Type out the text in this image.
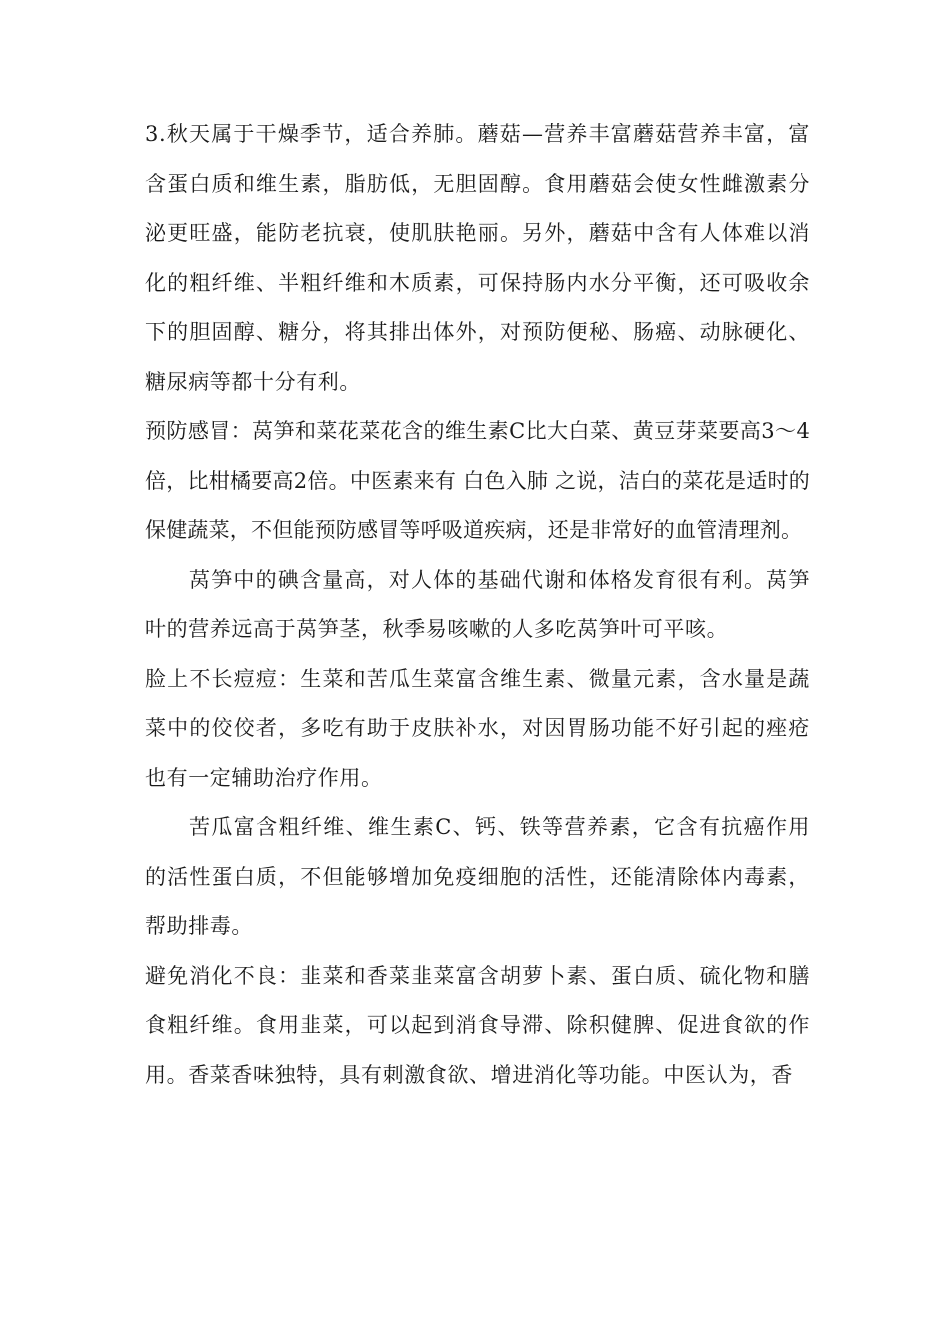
3.秋天属于干燥季节，适合养肺。蘑菇—营养丰富蘑菇营养丰富，富含蛋白质和维生素，脂肪低，无胆固醇。食用蘑菇会使女性雌激素分泌更旺盛，能防老抗衰，使肌肤艳丽。另外，蘑菇中含有人体难以消化的粗纤维、半粗纤维和木质素，可保持肠内水分平衡，还可吸收余下的胆固醇、糖分，将其排出体外，对预防便秘、肠癌、动脉硬化、糖尿病等都十分有利。

预防感冒：莴笋和菜花菜花含的维生素C比大白菜、黄豆芽菜要高3～4倍，比柑橘要高2倍。中医素来有 白色入肺 之说，洁白的菜花是适时的保健蔬菜，不但能预防感冒等呼吸道疾病，还是非常好的血管清理剂。

莴笋中的碘含量高，对人体的基础代谢和体格发育很有利。莴笋叶的营养远高于莴笋茎，秋季易咳嗽的人多吃莴笋叶可平咳。

脸上不长痘痘：生菜和苦瓜生菜富含维生素、微量元素，含水量是蔬菜中的佼佼者，多吃有助于皮肤补水，对因胃肠功能不好引起的痤疮也有一定辅助治疗作用。

苦瓜富含粗纤维、维生素C、钙、铁等营养素，它含有抗癌作用的活性蛋白质，不但能够增加免疫细胞的活性，还能清除体内毒素，帮助排毒。

避免消化不良：韭菜和香菜韭菜富含胡萝卜素、蛋白质、硫化物和膳食粗纤维。食用韭菜，可以起到消食导滞、除积健脾、促进食欲的作用。香菜香味独特，具有刺激食欲、增进消化等功能。中医认为，香
